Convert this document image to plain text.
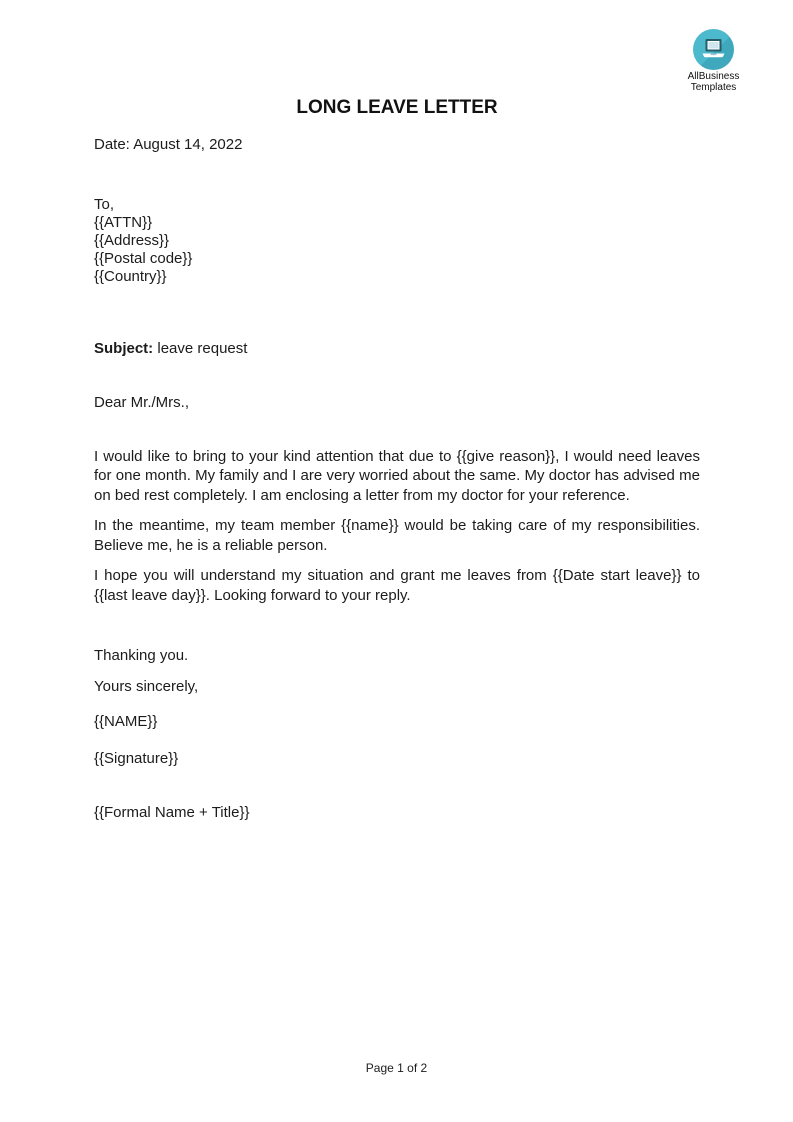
AllBusiness
Templates
LONG LEAVE LETTER
Date: August 14, 2022
To,
{{ATTN}}
{{Address}}
{{Postal code}}
{{Country}}
Subject: leave request
Dear Mr./Mrs.,

I would like to bring to your kind attention that due to {{give reason}}, I would need leaves for one month. My family and I are very worried about the same. My doctor has advised me on bed rest completely. I am enclosing a letter from my doctor for your reference.

In the meantime, my team member {{name}} would be taking care of my responsibilities. Believe me, he is a reliable person.

I hope you will understand my situation and grant me leaves from {{Date start leave}} to {{last leave day}}. Looking forward to your reply.

Thanking you.
Yours sincerely,
{{NAME}}
{{Signature}}
{{Formal Name + Title}}
Page 1 of 2
